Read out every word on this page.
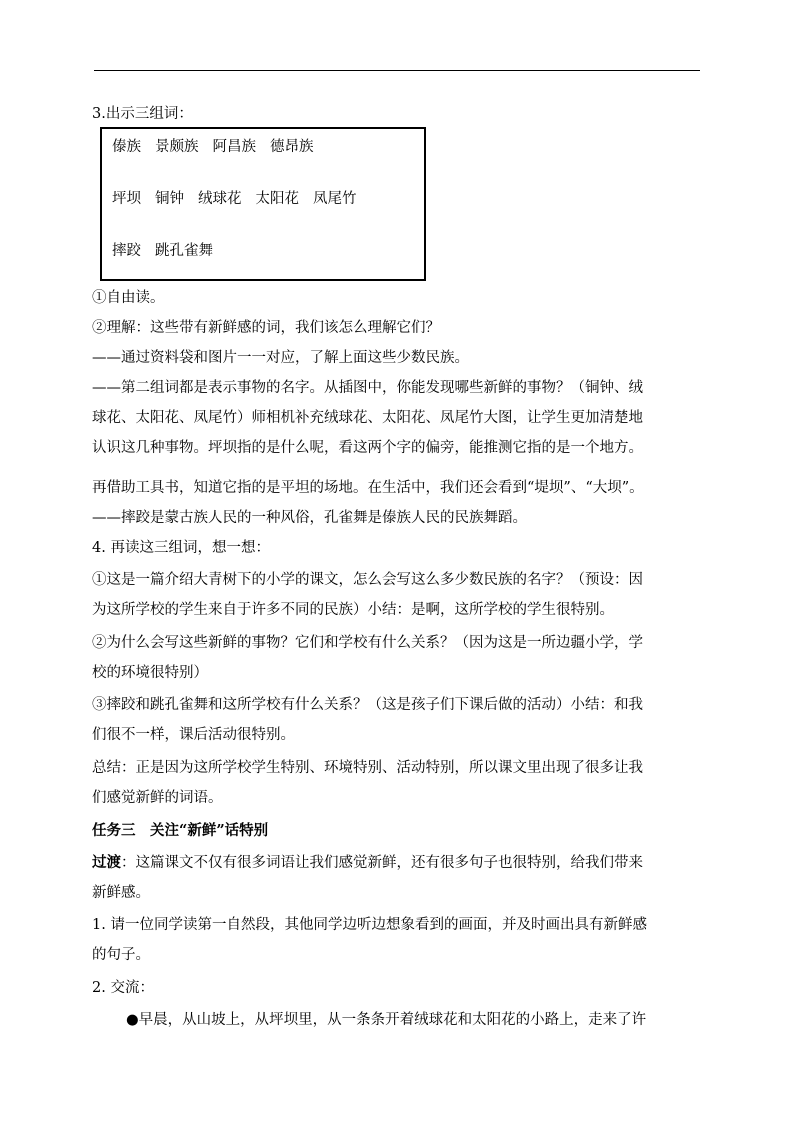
3.出示三组词：
傣族 景颇族 阿昌族 德昂族
坪坝 铜钟 绒球花 太阳花 凤尾竹
摔跤 跳孔雀舞
①自由读。
②理解：这些带有新鲜感的词，我们该怎么理解它们？
——通过资料袋和图片一一对应，了解上面这些少数民族。
——第二组词都是表示事物的名字。从插图中，你能发现哪些新鲜的事物？（铜钟、绒
球花、太阳花、凤尾竹）师相机补充绒球花、太阳花、凤尾竹大图，让学生更加清楚地
认识这几种事物。坪坝指的是什么呢，看这两个字的偏旁，能推测它指的是一个地方。
再借助工具书，知道它指的是平坦的场地。在生活中，我们还会看到“堤坝”、“大坝”。
——摔跤是蒙古族人民的一种风俗，孔雀舞是傣族人民的民族舞蹈。
4. 再读这三组词，想一想：
①这是一篇介绍大青树下的小学的课文，怎么会写这么多少数民族的名字？（预设：因
为这所学校的学生来自于许多不同的民族）小结：是啊，这所学校的学生很特别。
②为什么会写这些新鲜的事物？它们和学校有什么关系？（因为这是一所边疆小学，学
校的环境很特别）
③摔跤和跳孔雀舞和这所学校有什么关系？（这是孩子们下课后做的活动）小结：和我
们很不一样，课后活动很特别。
总结：正是因为这所学校学生特别、环境特别、活动特别，所以课文里出现了很多让我
们感觉新鲜的词语。
任务三　关注“新鲜”话特别
过渡：这篇课文不仅有很多词语让我们感觉新鲜，还有很多句子也很特别，给我们带来
新鲜感。
1. 请一位同学读第一自然段，其他同学边听边想象看到的画面，并及时画出具有新鲜感
的句子。
2. 交流：
●早晨，从山坡上，从坪坝里，从一条条开着绒球花和太阳花的小路上，走来了许
